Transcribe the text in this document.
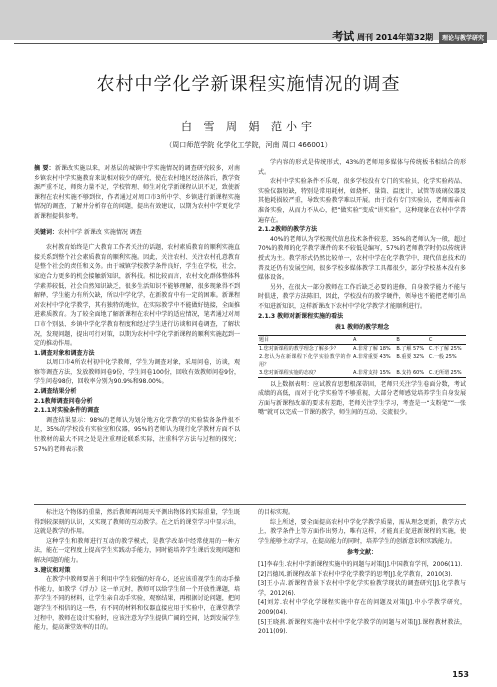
考试 周刊 2014年第32期 理论与教学研究
农村中学化学新课程实施情况的调查
白 雪 周 娟 范小宇
（周口师范学院 化学化工学院，河南 周口 466001）

摘 要：新课改实施以来，对基层的城镇中学实施情况的调查研究较多，对南乡镇农村中学实施教育来说相对较少的研究，使在农村地区经济落后，教学资源严重不足，师资力量不足，学校管理、师生对化学新课程认识不足，致使新课程在农村实施不够到位，作者通过对周口市3所中学、乡镇进行新课程实施情况的调查，了解并分析存在的问题，提出有效建议，以期为农村中学更化学新课程提供参考。

关键词：农村中学 新课改 实施情况 调查

农村教育始终是广大教育工作者关注的话题，农村素质教育的顺利实施直接关系到整个社会素质教育的顺利实施。因此，关注农村、关注农村孔意教育是整个社会的责任和义务。由于城镇学校教学条件良好，学生在学校，社会，家庭合力更多的机会接触新知识，新科技。相比较而言，农村文化群体整体科学素养较低，社会自然知识缺乏，很多生活知识不能够理解，很多现象得不到解释，学生能力有所欠缺，所以中学化学，在新教育中有一定的困难。新课程对农村中学化学教学，其有独特的地位，在实际教学中不能做好链接，全面推进素质教育。为了较全面地了解新课程在农村中学的适应情况，笔者通过对周口市个别县、乡镇中学化学教育程度和经过学生进行访谈和问卷调查，了解状况，发现问题，提出可行对策，以期为农村中学化学新课程的顺利实施起到一定的推动作用。

1.调查对象和调查方法

以周口市4所农村初中化学教师，学生为调查对象，采用问卷，访谈，观察等调查方法，发放教师问卷9份，学生问卷100份，回收有效教师问卷9份，学生问卷98份，回收率分别为90.9%和98.00%。

2.调查结果分析

2.1教师调查问卷分析

2.1.1对实验条件的调查

调查结果显示：98%的老师认为划分地方化学教学的实验装备条件很不足，35%的学校没有实验室和仪器，95%的老师认为现行化学教材方面不以往教材的最大不同之处是注重理论联系实际，注重科学方法与过程的探究；57%的老师表示教

学内容的形式是传统形式，43%的老师用多媒体与传统板书相结合的形式。

农村中学实验条件不乐观，很多学校没有专门的实验员，化学实验药品、实验仪器短缺，特别是常用耗材，如烧杯、量筒、温度计，试管等玻璃仪器及其他耗损较严重，导致实验教学难以开展。由于没有专门实验员，老师需亲自准备实验，从而力不从心，把“做实验”变成“讲实验”，这种现象在农村中学普遍存在。

2.1.2教师的教学方法

40%的老师认为学校现代信息技术条件较差，35%的老师认为一般，超过70%的教师的化学教学课件的来不较低是编写，57%的老师教学时仍以传统讲授式为主。教学形式仍然比较单一，农村中学在化学教学中，现代信息技术的普及还仍有发展空间，很多学校多媒体教学工具都很少，部分学校基本没有多媒体设备。

另外，在很大一部分教师在工作后缺乏必要的进修，自身教学能力不能与时俱进，教学方法陈旧，因此，学校没有的教学硬件，领导也不能把老师引出不知进新知识，这样新课改下农村中学化学教学才能顺利进行。

2.1.3 教师对新课程实施的看法

表1 教师的教学理念
题目	A	B	C
1.您对新课程的教学理念了解多少？	A.非常了解 18%	B.了解 57%	C.不了解 25%
2.您认为在新课程下化学实验教学的作用？	A.非常重要 43%	B.重要 32%	C.一般 25%
3.您对新课程实施的态度？	A.非常支持 15%	B.支持 60%	C.无所谓 25%

以上数据表明：应试教育思想根深蒂固，老师只关注学生卷面分数，考试成绩的高低，而对于化学实验等不够重视，大部分老师感觉培养学生自身发展方面与新课程改革的要求有差距，老师关注学生学习，考查是一“支粉笔”“一张嘴”就可以完成一节课的教学，师生间的互动、交流很少。

标注这个物体的重量，然后教师再问用天平测出物体的实际重量，学生既得到较深刻的认识，又实现了教师的互动教学。在之后的课堂学习中显示出，这就是教学的作用。

这种学生和教师进行互动的教学模式，是教学改革中经常使用的一种方法，能在一定程度上提高学生实践动手能力，同时能培养学生课后发现问题和解决问题的能力。

3.建议和对策

在教学中教师要善于利用中学生较强的好奇心，还应该重视学生的动手操作能力，如教学《浮力》这一单元时，教师可以给学生留一个开放性课题，培养学生不同的材料，让学生亲自动手实验，观察结果，再根据讨论问题，把问题学生不相信的这一些，有不同的材料和仪器直接应用于实验中，在课堂教学过程中，教师在设计实验时，应该注意为学生提供广阔的空间，达到发展学生能力，提高课堂效率的目的。

的目标实现。

综上所述，要全面提高农村中学化学教学质量，需从理念更新，教学方式上，教学条件上等方面作出努力，唯有这样，才能真正促进新课程的实施，使学生能够主动学习，在提高能力的同时，培养学生的创新意识和实践能力。

参考文献：

[1]李春生.农村中学新课程实施中的问题与对策[J].中国教育学刊，2006(11).

[2]吕德凤.新课程改革下农村中学化学教学的思考[J].化学教育，2010(3).

[3]王小吉.新课程背景下农村中学化学实验教学现状的调查研究[J].化学教与学，2012(6).

[4]刘芳.农村中学化学课程实施中存在的问题及对策[J].中小学教学研究，2009(04).

[5]王晓燕.新课程实施中农村中学化学教学的问题与对策[J].课程教材教法，2011(09).

153
